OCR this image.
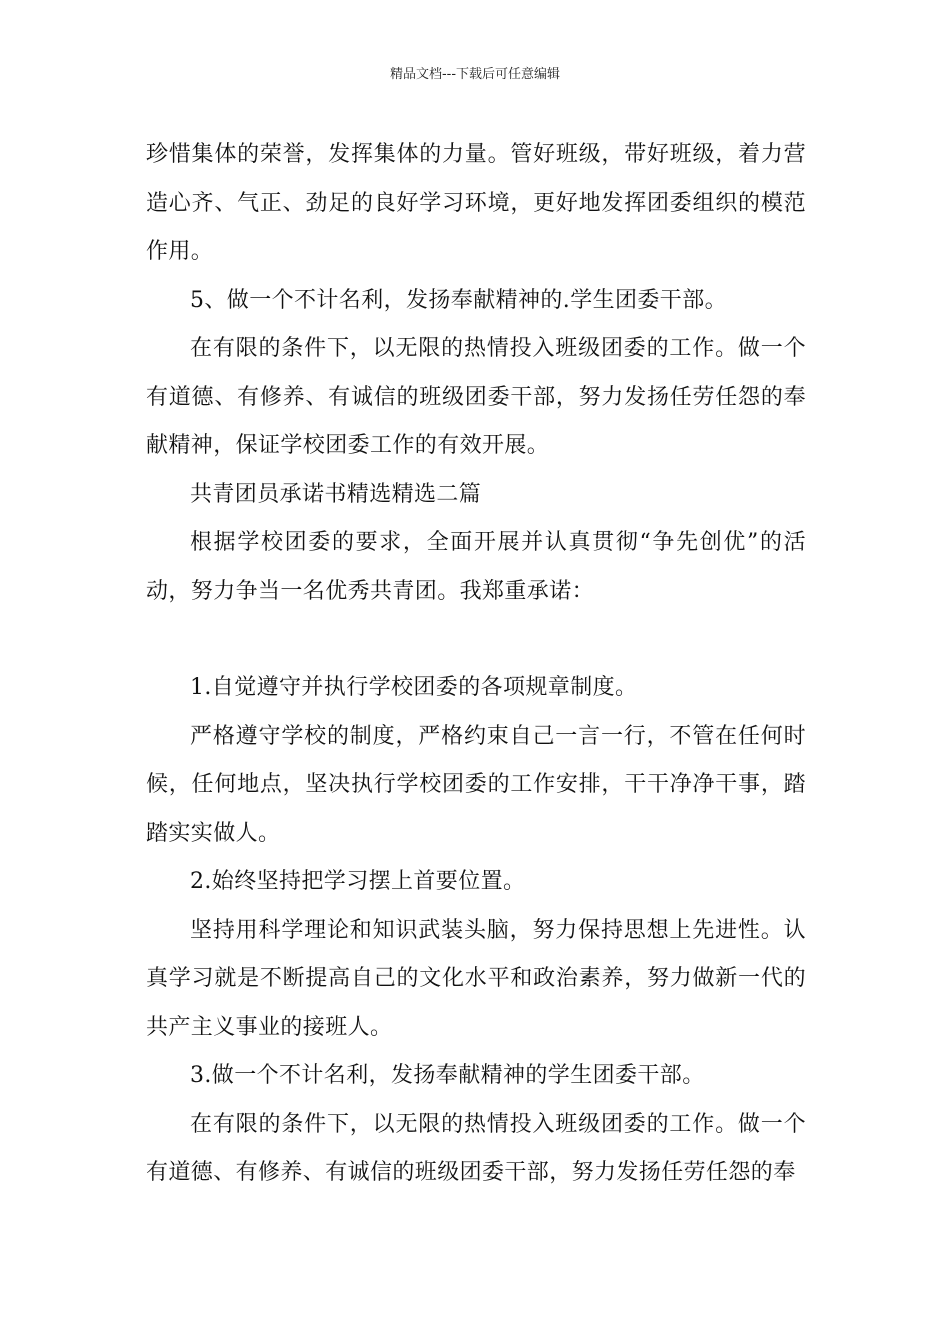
精品文档---下载后可任意编辑

珍惜集体的荣誉，发挥集体的力量。管好班级，带好班级，着力营造心齐、气正、劲足的良好学习环境，更好地发挥团委组织的模范作用。

5、做一个不计名利，发扬奉献精神的.学生团委干部。

在有限的条件下，以无限的热情投入班级团委的工作。做一个有道德、有修养、有诚信的班级团委干部，努力发扬任劳任怨的奉献精神，保证学校团委工作的有效开展。

共青团员承诺书精选精选二篇

根据学校团委的要求，全面开展并认真贯彻“争先创优”的活动，努力争当一名优秀共青团。我郑重承诺：

1.自觉遵守并执行学校团委的各项规章制度。

严格遵守学校的制度，严格约束自己一言一行，不管在任何时候，任何地点，坚决执行学校团委的工作安排，干干净净干事，踏踏实实做人。

2.始终坚持把学习摆上首要位置。

坚持用科学理论和知识武装头脑，努力保持思想上先进性。认真学习就是不断提高自己的文化水平和政治素养，努力做新一代的共产主义事业的接班人。

3.做一个不计名利，发扬奉献精神的学生团委干部。

在有限的条件下，以无限的热情投入班级团委的工作。做一个有道德、有修养、有诚信的班级团委干部，努力发扬任劳任怨的奉
